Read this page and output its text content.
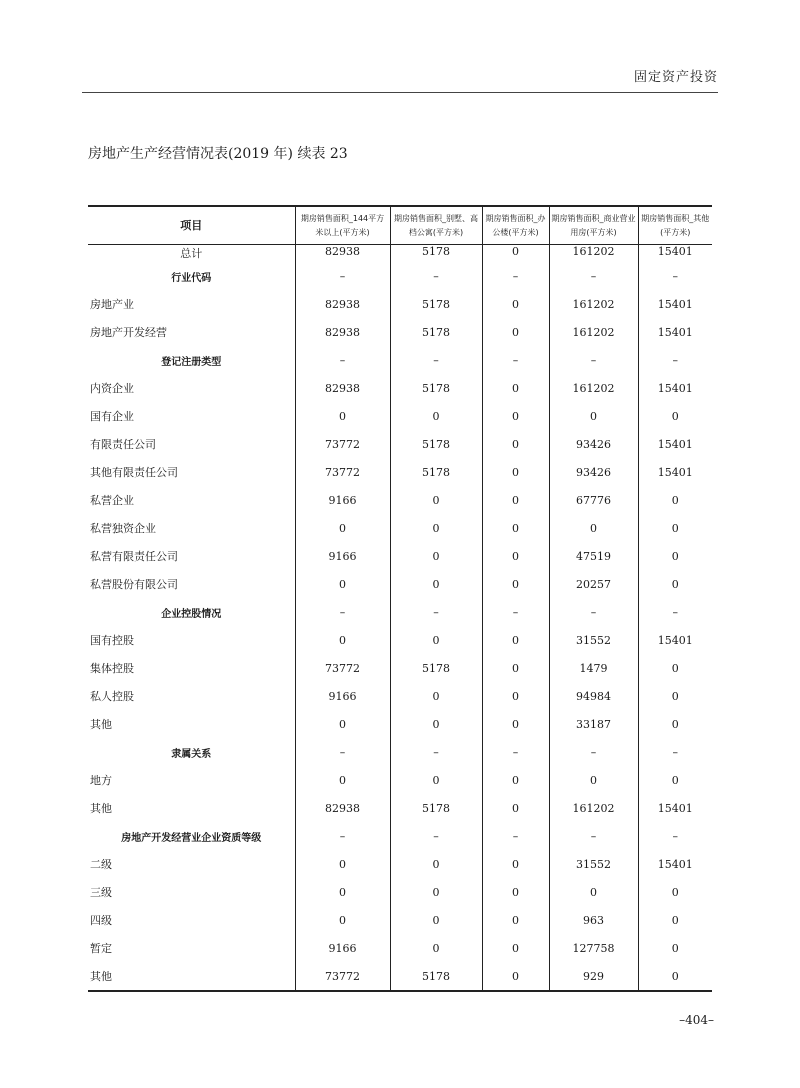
固定资产投资
房地产生产经营情况表(2019 年) 续表 23
项目	期房销售面积_144平方米以上(平方米)	期房销售面积_别墅、高档公寓(平方米)	期房销售面积_办公楼(平方米)	期房销售面积_商业营业用房(平方米)	期房销售面积_其他(平方米)
总计	82938	5178	0	161202	15401
行业代码	–	–	–	–	–
房地产业	82938	5178	0	161202	15401
房地产开发经营	82938	5178	0	161202	15401
登记注册类型	–	–	–	–	–
内资企业	82938	5178	0	161202	15401
国有企业	0	0	0	0	0
有限责任公司	73772	5178	0	93426	15401
其他有限责任公司	73772	5178	0	93426	15401
私营企业	9166	0	0	67776	0
私营独资企业	0	0	0	0	0
私营有限责任公司	9166	0	0	47519	0
私营股份有限公司	0	0	0	20257	0
企业控股情况	–	–	–	–	–
国有控股	0	0	0	31552	15401
集体控股	73772	5178	0	1479	0
私人控股	9166	0	0	94984	0
其他	0	0	0	33187	0
隶属关系	–	–	–	–	–
地方	0	0	0	0	0
其他	82938	5178	0	161202	15401
房地产开发经营业企业资质等级	–	–	–	–	–
二级	0	0	0	31552	15401
三级	0	0	0	0	0
四级	0	0	0	963	0
暂定	9166	0	0	127758	0
其他	73772	5178	0	929	0
–404–
